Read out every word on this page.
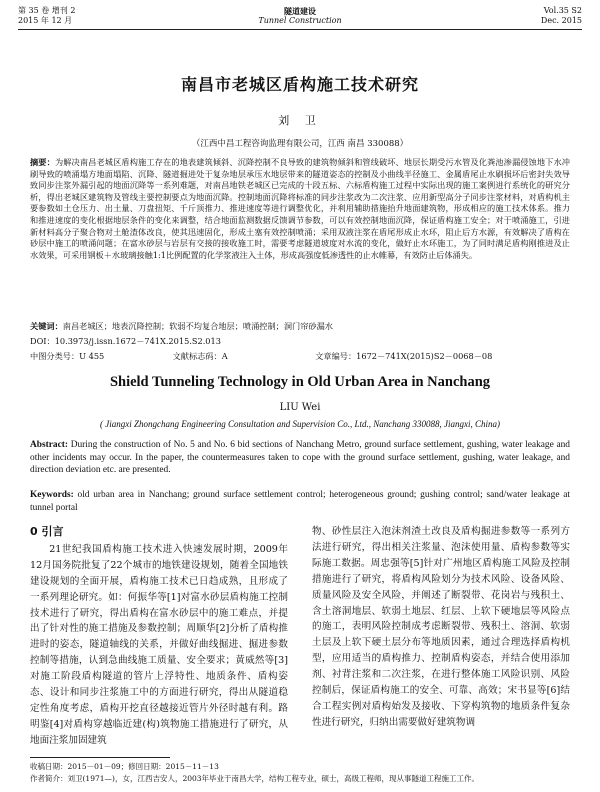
第 35 卷 增刊 2
2015 年 12 月
隧道建设
Tunnel Construction
Vol.35 S2
Dec. 2015
南昌市老城区盾构施工技术研究
刘 卫
（江西中昌工程咨询监理有限公司，江西 南昌 330088）
摘要：为解决南昌老城区盾构施工存在的地表建筑倾斜、沉降控制不良导致的建筑物倾斜和管线破坏、地层长期受污水管及化粪池渗漏侵蚀地下水冲刷导致的喷涌塌方地面塌陷、沉降、隧道掘进处于复杂地层承压水地层带来的隧道姿态的控制及小曲线半径施工、金属盾尾止水刷损坏后密封失效导致同步注浆外漏引起的地面沉降等一系列难题，对南昌地铁老城区已完成的十段五标、六标盾构施工过程中实际出现的施工案例进行系统化的研究分析，得出老城区建筑物及管线主要控制要点为地面沉降。控制地面沉降将标准的同步注浆改为二次注浆、应用新型高分子同步注浆材料，对盾构机主要参数如土仓压力、出土量、刀盘扭矩、千斤顶推力、推进速度等进行调整优化，并利用辅助措施抬升地面建筑物，形成相应的施工技术体系。推力和推进速度的变化根据地层条件的变化来调整，结合地面监测数据反馈调节参数，可以有效控制地面沉降，保证盾构施工安全；对于喷涌施工，引进新材料高分子聚合物对土舱渣体改良，使其迅速固化，形成土塞有效控制喷涌；采用双液注浆在盾尾形成止水环，阻止后方水源，有效解决了盾构在砂层中施工的喷涌问题；在富水砂层与岩层有交接的接收施工时，需要考虑隧道坡度对水流的变化，做好止水环施工，为了同时满足盾构刚推进及止水效果，可采用钢板＋水玻璃接触1:1比例配置的化学浆液注入土体，形成高强度低渗透性的止水帷幕，有效防止后体涌失。
关键词：南昌老城区；地表沉降控制；软弱不均复合地层；喷涌控制；洞门帘砂漏水
DOI：10.3973/j.issn.1672－741X.2015.S2.013
中图分类号：U 455	文献标志码：A	文章编号：1672－741X(2015)S2－0068－08
Shield Tunneling Technology in Old Urban Area in Nanchang
LIU Wei
( Jiangxi Zhongchang Engineering Consultation and Supervision Co., Ltd., Nanchang 330088, Jiangxi, China)
Abstract: During the construction of No. 5 and No. 6 bid sections of Nanchang Metro, ground surface settlement, gushing, water leakage and other incidents may occur. In the paper, the countermeasures taken to cope with the ground surface settlement, gushing, water leakage, and direction deviation etc. are presented.
Keywords: old urban area in Nanchang; ground surface settlement control; heterogeneous ground; gushing control; sand/water leakage at tunnel portal
0 引言

21世纪我国盾构施工技术进入快速发展时期，2009年12月国务院批复了22个城市的地铁建设规划，随着全国地铁建设规划的全面开展，盾构施工技术已日趋成熟，且形成了一系列理论研究。如：何振华等[1]对富水砂层盾构施工控制技术进行了研究，得出盾构在富水砂层中的施工难点，并提出了针对性的施工措施及参数控制；周顺华[2]分析了盾构推进时的姿态，隧道轴线的关系，并做好曲线掘进、掘进参数控制等措施，认到急曲线施工质量、安全要求；黄威然等[3]对施工阶段盾构隧道的管片上浮特性、地质条件、盾构姿态、设计和同步注浆施工中的方面进行研究，得出从隧道稳定性角度考虑，盾构开挖直径越接近管片外径时越有利。路明鉴[4]对盾构穿越临近建(构)筑物施工措施进行了研究，从地面注浆加固建筑

物、砂性层注入泡沫剂渣土改良及盾构掘进参数等一系列方法进行研究，得出相关注浆量、泡沫使用量、盾构参数等实际施工数据。周忠强等[5]针对广州地区盾构施工风险及控制措施进行了研究，将盾构风险划分为技术风险、设备风险、质量风险及安全风险，并阐述了断裂带、花岗岩与残积土、含土溶洞地层、软弱土地层、红层、上软下硬地层等风险点的施工，表明风险控制成考虑断裂带、残积土、溶洞、软弱土层及上软下硬土层分布等地质因素，通过合理选择盾构机型，应用适当的盾构推力、控制盾构姿态，并结合使用添加剂、衬背注浆和二次注浆，在进行整体施工风险识别、风险控制后，保证盾构施工的安全、可靠、高效；宋书显等[6]结合工程实例对盾构始发及接收、下穿构筑物的地质条件复杂性进行研究，归纳出需要做好建筑物调

收稿日期：2015－01－09；修回日期：2015－11－13
作者简介：刘卫(1971—)，女，江西吉安人，2003年毕业于南昌大学，结构工程专业，硕士，高级工程师，现从事隧道工程施工工作。
